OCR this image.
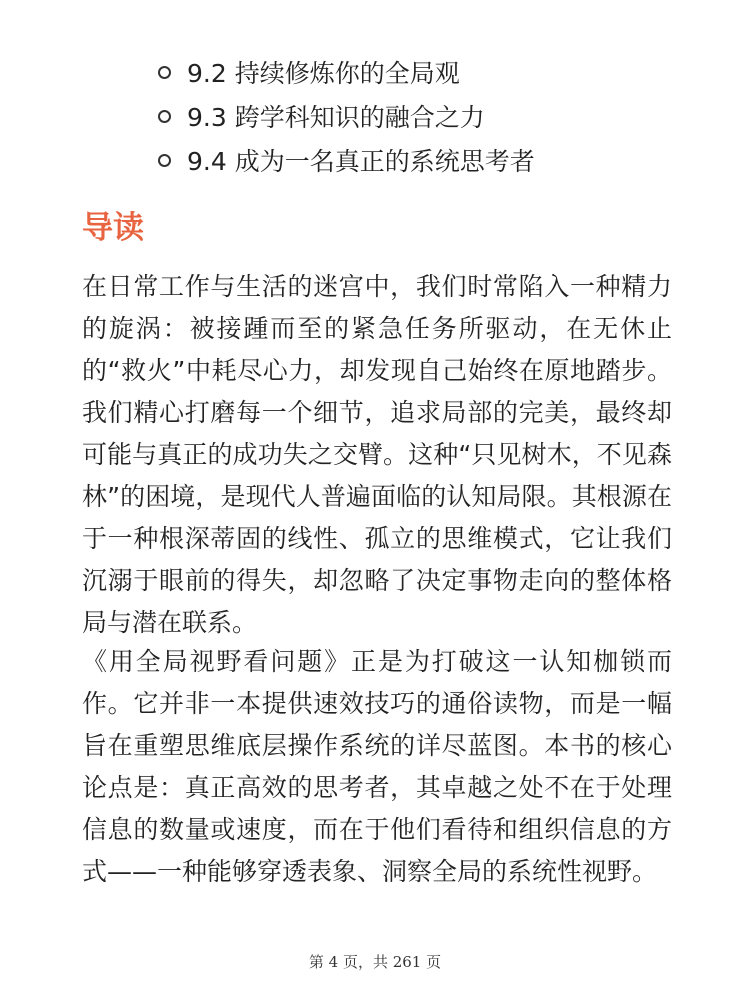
9.2 持续修炼你的全局观
9.3 跨学科知识的融合之力
9.4 成为一名真正的系统思考者
导读

在日常工作与生活的迷宫中，我们时常陷入一种精力的旋涡：被接踵而至的紧急任务所驱动，在无休止的“救火”中耗尽心力，却发现自己始终在原地踏步。我们精心打磨每一个细节，追求局部的完美，最终却可能与真正的成功失之交臂。这种“只见树木，不见森林”的困境，是现代人普遍面临的认知局限。其根源在于一种根深蒂固的线性、孤立的思维模式，它让我们沉溺于眼前的得失，却忽略了决定事物走向的整体格局与潜在联系。

《用全局视野看问题》正是为打破这一认知枷锁而作。它并非一本提供速效技巧的通俗读物，而是一幅旨在重塑思维底层操作系统的详尽蓝图。本书的核心论点是：真正高效的思考者，其卓越之处不在于处理信息的数量或速度，而在于他们看待和组织信息的方式——一种能够穿透表象、洞察全局的系统性视野。

第 4 页，共 261 页
